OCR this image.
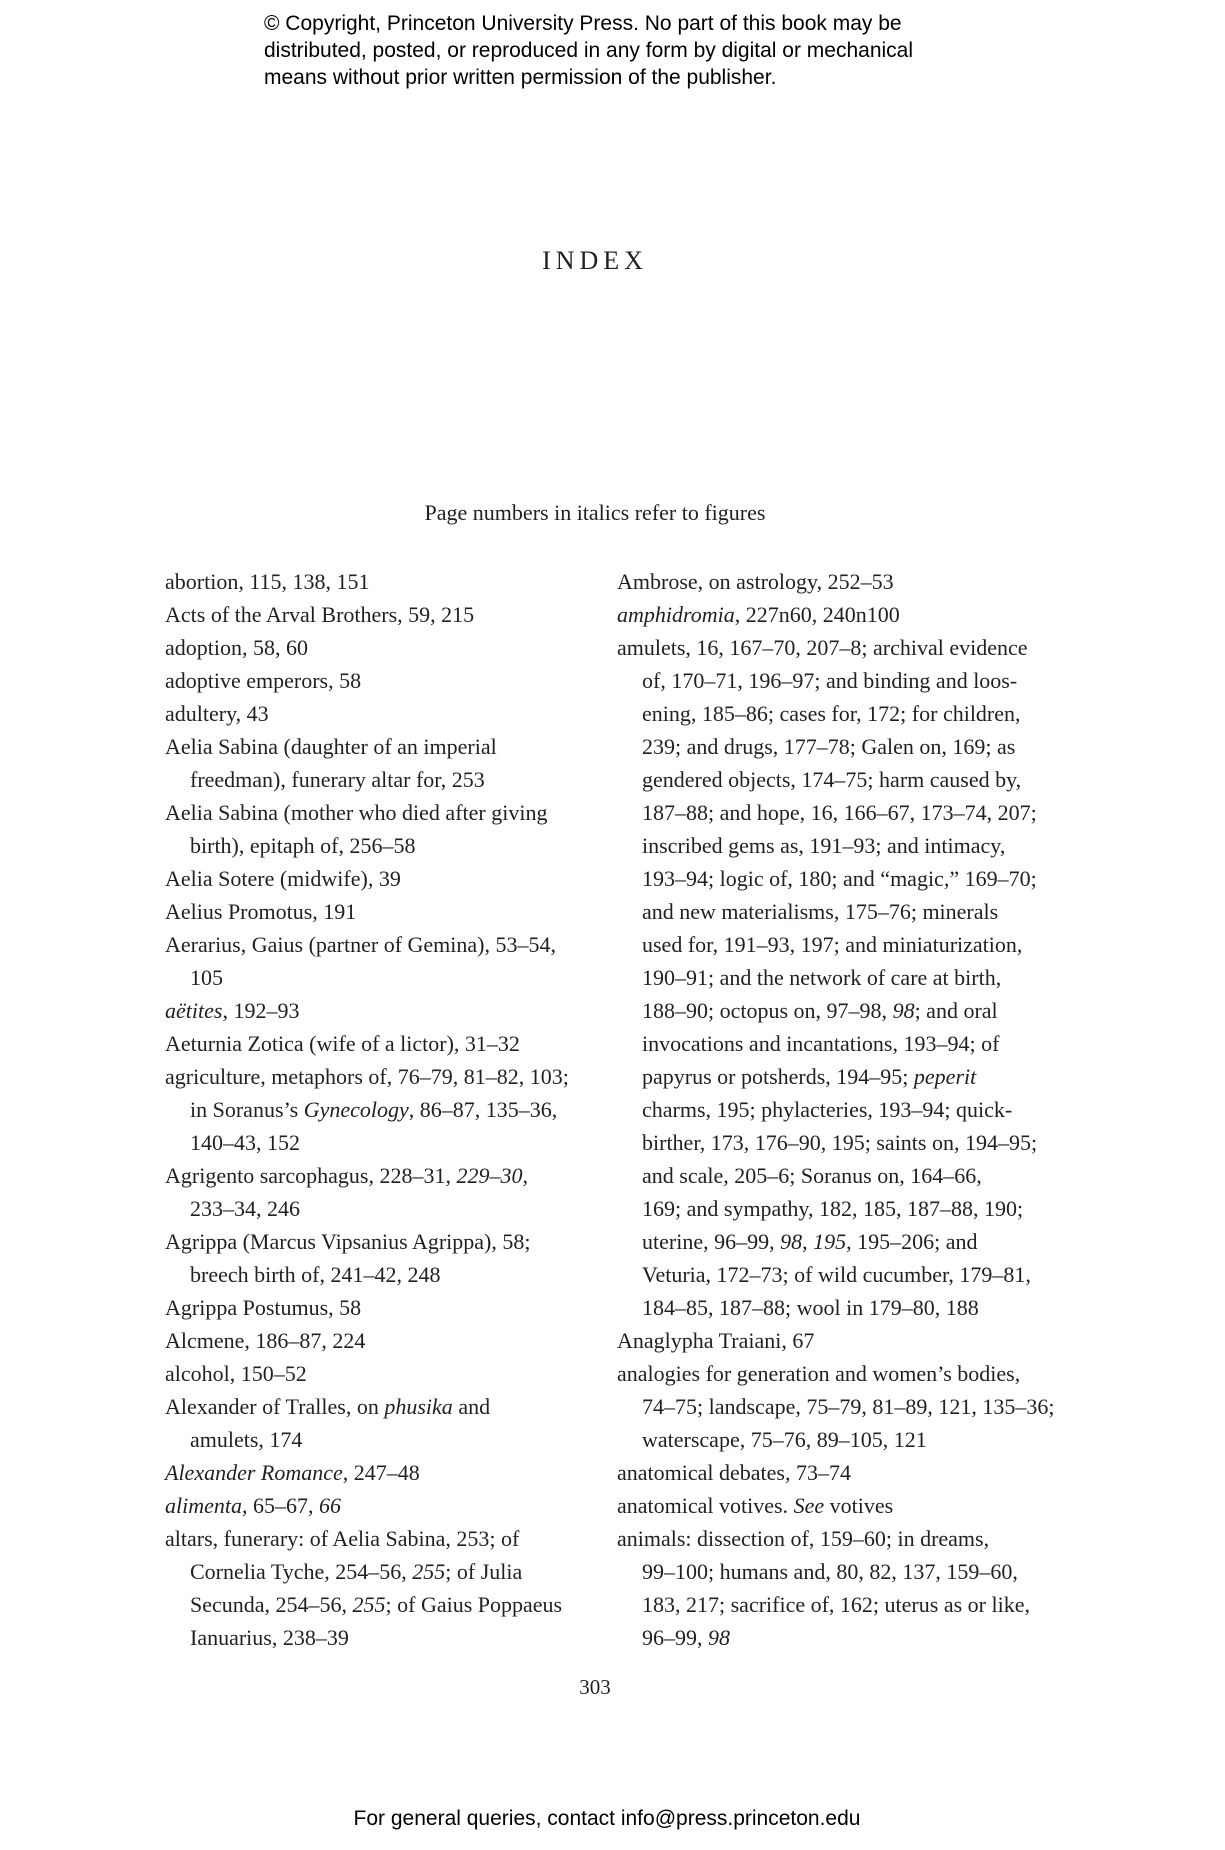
© Copyright, Princeton University Press. No part of this book may be
distributed, posted, or reproduced in any form by digital or mechanical
means without prior written permission of the publisher.
INDEX
Page numbers in italics refer to figures
abortion, 115, 138, 151
Acts of the Arval Brothers, 59, 215
adoption, 58, 60
adoptive emperors, 58
adultery, 43
Aelia Sabina (daughter of an imperial
freedman), funerary altar for, 253
Aelia Sabina (mother who died after giving
birth), epitaph of, 256–58
Aelia Sotere (midwife), 39
Aelius Promotus, 191
Aerarius, Gaius (partner of Gemina), 53–54,
105
aëtites, 192–93
Aeturnia Zotica (wife of a lictor), 31–32
agriculture, metaphors of, 76–79, 81–82, 103;
in Soranus’s Gynecology, 86–87, 135–36,
140–43, 152
Agrigento sarcophagus, 228–31, 229–30,
233–34, 246
Agrippa (Marcus Vipsanius Agrippa), 58;
breech birth of, 241–42, 248
Agrippa Postumus, 58
Alcmene, 186–87, 224
alcohol, 150–52
Alexander of Tralles, on phusika and
amulets, 174
Alexander Romance, 247–48
alimenta, 65–67, 66
altars, funerary: of Aelia Sabina, 253; of
Cornelia Tyche, 254–56, 255; of Julia
Secunda, 254–56, 255; of Gaius Poppaeus
Ianuarius, 238–39
Ambrose, on astrology, 252–53
amphidromia, 227n60, 240n100
amulets, 16, 167–70, 207–8; archival evidence
of, 170–71, 196–97; and binding and loos-
ening, 185–86; cases for, 172; for children,
239; and drugs, 177–78; Galen on, 169; as
gendered objects, 174–75; harm caused by,
187–88; and hope, 16, 166–67, 173–74, 207;
inscribed gems as, 191–93; and intimacy,
193–94; logic of, 180; and “magic,” 169–70;
and new materialisms, 175–76; minerals
used for, 191–93, 197; and miniaturization,
190–91; and the network of care at birth,
188–90; octopus on, 97–98, 98; and oral
invocations and incantations, 193–94; of
papyrus or potsherds, 194–95; peperit
charms, 195; phylacteries, 193–94; quick-
birther, 173, 176–90, 195; saints on, 194–95;
and scale, 205–6; Soranus on, 164–66,
169; and sympathy, 182, 185, 187–88, 190;
uterine, 96–99, 98, 195, 195–206; and
Veturia, 172–73; of wild cucumber, 179–81,
184–85, 187–88; wool in 179–80, 188
Anaglypha Traiani, 67
analogies for generation and women’s bodies,
74–75; landscape, 75–79, 81–89, 121, 135–36;
waterscape, 75–76, 89–105, 121
anatomical debates, 73–74
anatomical votives. See votives
animals: dissection of, 159–60; in dreams,
99–100; humans and, 80, 82, 137, 159–60,
183, 217; sacrifice of, 162; uterus as or like,
96–99, 98
303
For general queries, contact info@press.princeton.edu
